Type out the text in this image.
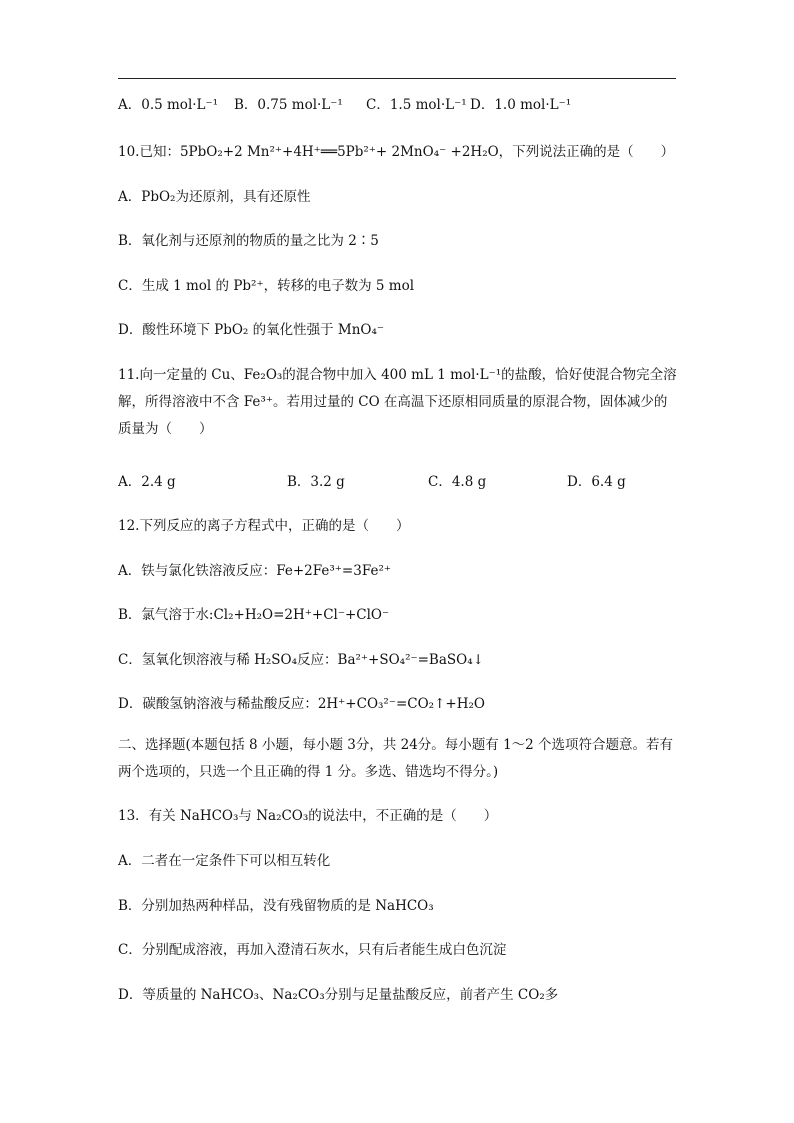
A．0.5 mol·L⁻¹ B．0.75 mol·L⁻¹ C．1.5 mol·L⁻¹ D．1.0 mol·L⁻¹
10.已知：5PbO₂+2 Mn²⁺+4H⁺══5Pb²⁺+ 2MnO₄⁻ +2H₂O，下列说法正确的是（　　）
A．PbO₂为还原剂，具有还原性
B．氧化剂与还原剂的物质的量之比为 2∶5
C．生成 1 mol 的 Pb²⁺，转移的电子数为 5 mol
D．酸性环境下 PbO₂ 的氧化性强于 MnO₄⁻
11.向一定量的 Cu、Fe₂O₃的混合物中加入 400 mL 1 mol·L⁻¹的盐酸，恰好使混合物完全溶解，所得溶液中不含 Fe³⁺。若用过量的 CO 在高温下还原相同质量的原混合物，固体减少的质量为（　　）
A．2.4 g	B．3.2 g	C．4.8 g	D．6.4 g
12.下列反应的离子方程式中，正确的是（　　）
A．铁与氯化铁溶液反应：Fe+2Fe³⁺=3Fe²⁺
B．氯气溶于水:Cl₂+H₂O=2H⁺+Cl⁻+ClO⁻
C．氢氧化钡溶液与稀 H₂SO₄反应：Ba²⁺+SO₄²⁻=BaSO₄↓
D．碳酸氢钠溶液与稀盐酸反应：2H⁺+CO₃²⁻=CO₂↑+H₂O
二、选择题(本题包括 8 小题，每小题 3分，共 24分。每小题有 1～2 个选项符合题意。若有两个选项的，只选一个且正确的得 1 分。多选、错选均不得分。)
13．有关 NaHCO₃与 Na₂CO₃的说法中，不正确的是（　　）
A．二者在一定条件下可以相互转化
B．分别加热两种样品，没有残留物质的是 NaHCO₃
C．分别配成溶液，再加入澄清石灰水，只有后者能生成白色沉淀
D．等质量的 NaHCO₃、Na₂CO₃分别与足量盐酸反应，前者产生 CO₂多
